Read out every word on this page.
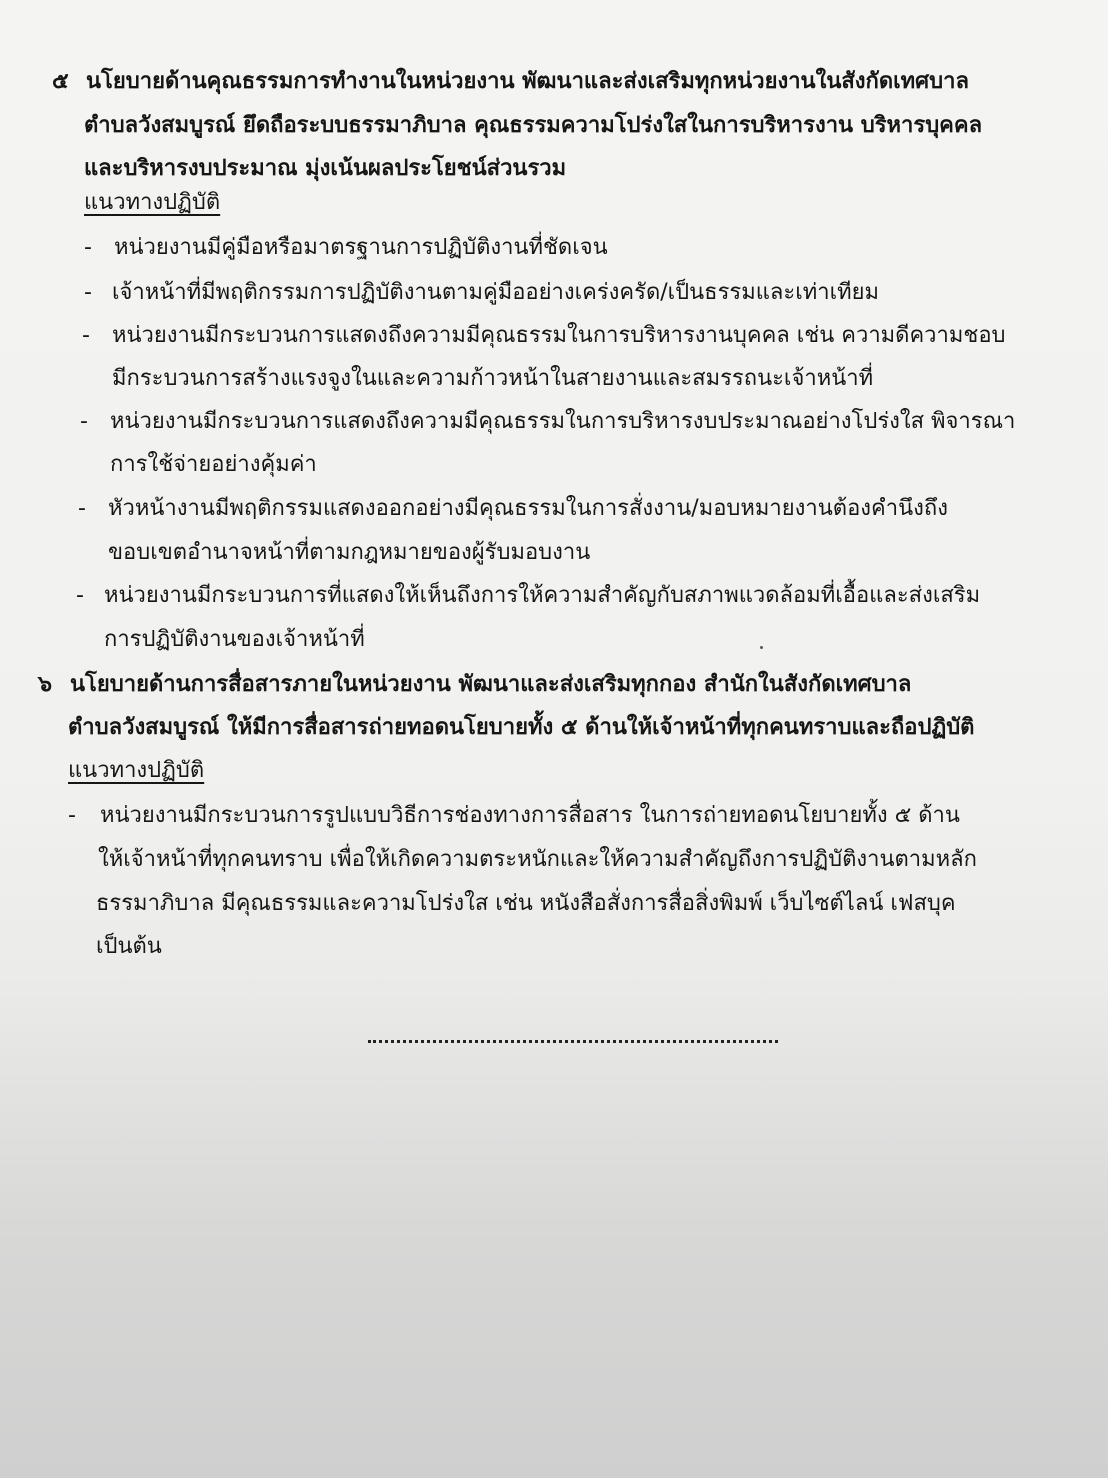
๕ นโยบายด้านคุณธรรมการทำงานในหน่วยงาน พัฒนาและส่งเสริมทุกหน่วยงานในสังกัดเทศบาล
ตำบลวังสมบูรณ์ ยึดถือระบบธรรมาภิบาล คุณธรรมความโปร่งใสในการบริหารงาน บริหารบุคคล
และบริหารงบประมาณ มุ่งเน้นผลประโยชน์ส่วนรวม
แนวทางปฏิบัติ
- หน่วยงานมีคู่มือหรือมาตรฐานการปฏิบัติงานที่ชัดเจน
- เจ้าหน้าที่มีพฤติกรรมการปฏิบัติงานตามคู่มืออย่างเคร่งครัด/เป็นธรรมและเท่าเทียม
- หน่วยงานมีกระบวนการแสดงถึงความมีคุณธรรมในการบริหารงานบุคคล เช่น ความดีความชอบ
มีกระบวนการสร้างแรงจูงในและความก้าวหน้าในสายงานและสมรรถนะเจ้าหน้าที่
- หน่วยงานมีกระบวนการแสดงถึงความมีคุณธรรมในการบริหารงบประมาณอย่างโปร่งใส พิจารณา
การใช้จ่ายอย่างคุ้มค่า
- หัวหน้างานมีพฤติกรรมแสดงออกอย่างมีคุณธรรมในการสั่งงาน/มอบหมายงานต้องคำนึงถึง
ขอบเขตอำนาจหน้าที่ตามกฎหมายของผู้รับมอบงาน
- หน่วยงานมีกระบวนการที่แสดงให้เห็นถึงการให้ความสำคัญกับสภาพแวดล้อมที่เอื้อและส่งเสริม
การปฏิบัติงานของเจ้าหน้าที่
๖ นโยบายด้านการสื่อสารภายในหน่วยงาน พัฒนาและส่งเสริมทุกกอง สำนักในสังกัดเทศบาล
ตำบลวังสมบูรณ์ ให้มีการสื่อสารถ่ายทอดนโยบายทั้ง ๕ ด้านให้เจ้าหน้าที่ทุกคนทราบและถือปฏิบัติ
แนวทางปฏิบัติ
- หน่วยงานมีกระบวนการรูปแบบวิธีการช่องทางการสื่อสาร ในการถ่ายทอดนโยบายทั้ง ๕ ด้าน
ให้เจ้าหน้าที่ทุกคนทราบ เพื่อให้เกิดความตระหนักและให้ความสำคัญถึงการปฏิบัติงานตามหลัก
ธรรมาภิบาล มีคุณธรรมและความโปร่งใส เช่น หนังสือสั่งการสื่อสิ่งพิมพ์ เว็บไซต์ไลน์ เฟสบุค
เป็นต้น
